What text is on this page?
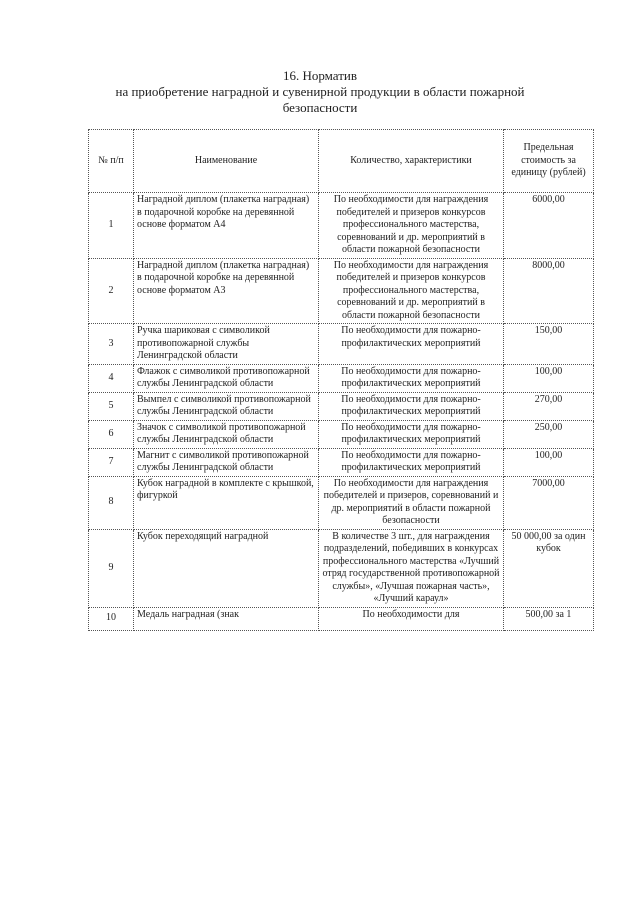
16. Норматив
на приобретение наградной и сувенирной продукции в области пожарной
безопасности
№ п/п	Наименование	Количество, характеристики	Предельная стоимость за единицу (рублей)
1	Наградной диплом (плакетка наградная) в подарочной коробке на деревянной основе форматом А4	По необходимости для награждения победителей и призеров конкурсов профессионального мастерства, соревнований и др. мероприятий в области пожарной безопасности	6000,00
2	Наградной диплом (плакетка наградная) в подарочной коробке на деревянной основе форматом А3	По необходимости для награждения победителей и призеров конкурсов профессионального мастерства, соревнований и др. мероприятий в области пожарной безопасности	8000,00
3	Ручка шариковая с символикой противопожарной службы Ленинградской области	По необходимости для пожарно-профилактических мероприятий	150,00
4	Флажок с символикой противопожарной службы Ленинградской области	По необходимости для пожарно-профилактических мероприятий	100,00
5	Вымпел с символикой противопожарной службы Ленинградской области	По необходимости для пожарно-профилактических мероприятий	270,00
6	Значок с символикой противопожарной службы Ленинградской области	По необходимости для пожарно-профилактических мероприятий	250,00
7	Магнит с символикой противопожарной службы Ленинградской области	По необходимости для пожарно-профилактических мероприятий	100,00
8	Кубок наградной в комплекте с крышкой, фигуркой	По необходимости для награждения победителей и призеров, соревнований и др. мероприятий в области пожарной безопасности	7000,00
9	Кубок переходящий наградной	В количестве 3 шт., для награждения подразделений, победивших в конкурсах профессионального мастерства «Лучший отряд государственной противопожарной службы», «Лучшая пожарная часть», «Лучший караул»	50 000,00 за один кубок
10	Медаль наградная (знак	По необходимости для	500,00 за 1
